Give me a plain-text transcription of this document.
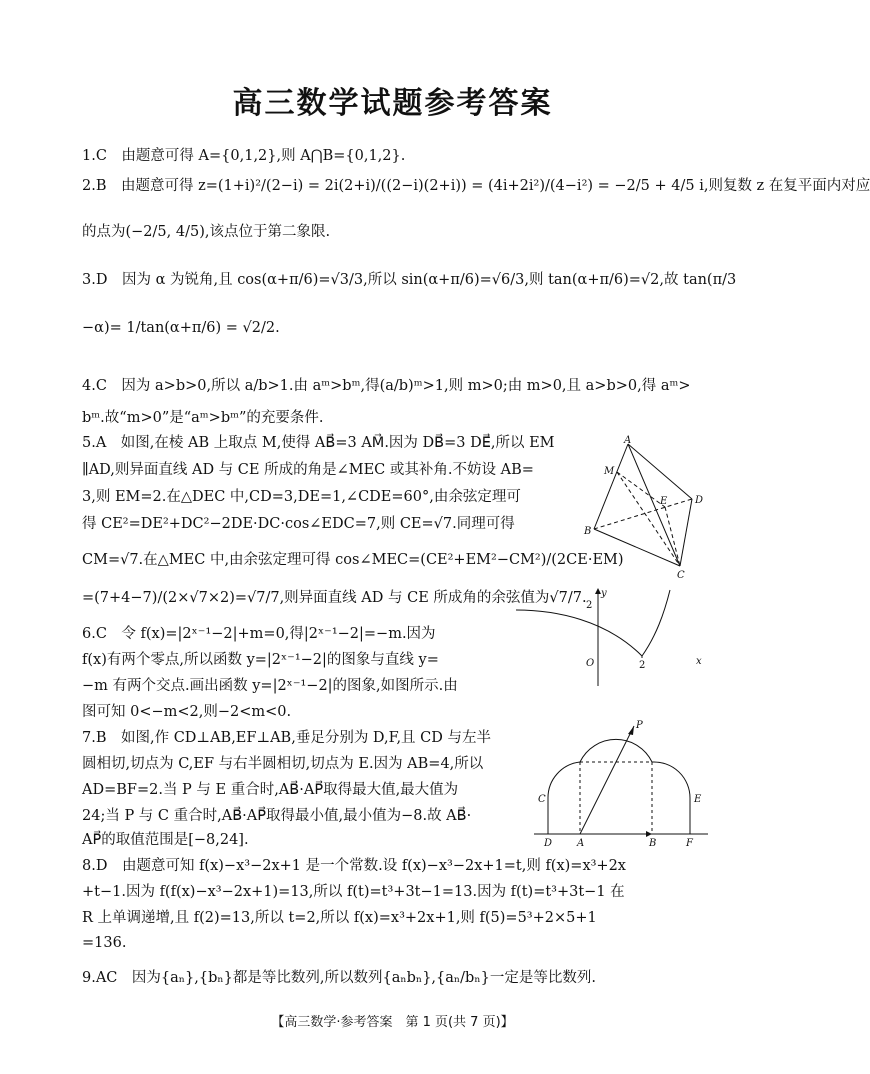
高三数学试题参考答案
1.C　由题意可得 A={0,1,2},则 A⋂B={0,1,2}.
2.B　由题意可得 z=(1+i)²/(2−i) = 2i(2+i)/((2−i)(2+i)) = (4i+2i²)/(4−i²) = −2/5 + 4/5 i,则复数 z 在复平面内对应
的点为(−2/5, 4/5),该点位于第二象限.
3.D　因为 α 为锐角,且 cos(α+π/6)=√3/3,所以 sin(α+π/6)=√6/3,则 tan(α+π/6)=√2,故 tan(π/3
−α)= 1/tan(α+π/6) = √2/2.
4.C　因为 a>b>0,所以 a/b>1.由 aᵐ>bᵐ,得(a/b)ᵐ>1,则 m>0;由 m>0,且 a>b>0,得 aᵐ>
bᵐ.故“m>0”是“aᵐ>bᵐ”的充要条件.
5.A　如图,在棱 AB 上取点 M,使得 AB⃗=3 AM⃗.因为 DB⃗=3 DE⃗,所以 EM
∥AD,则异面直线 AD 与 CE 所成的角是∠MEC 或其补角.不妨设 AB=
3,则 EM=2.在△DEC 中,CD=3,DE=1,∠CDE=60°,由余弦定理可
得 CE²=DE²+DC²−2DE·DC·cos∠EDC=7,则 CE=√7.同理可得
CM=√7.在△MEC 中,由余弦定理可得 cos∠MEC=(CE²+EM²−CM²)/(2CE·EM)
=(7+4−7)/(2×√7×2)=√7/7,则异面直线 AD 与 CE 所成角的余弦值为√7/7.
6.C　令 f(x)=|2ˣ⁻¹−2|+m=0,得|2ˣ⁻¹−2|=−m.因为
f(x)有两个零点,所以函数 y=|2ˣ⁻¹−2|的图象与直线 y=
−m 有两个交点.画出函数 y=|2ˣ⁻¹−2|的图象,如图所示.由
图可知 0<−m<2,则−2<m<0.
7.B　如图,作 CD⊥AB,EF⊥AB,垂足分别为 D,F,且 CD 与左半
圆相切,切点为 C,EF 与右半圆相切,切点为 E.因为 AB=4,所以
AD=BF=2.当 P 与 E 重合时,AB⃗·AP⃗取得最大值,最大值为
24;当 P 与 C 重合时,AB⃗·AP⃗取得最小值,最小值为−8.故 AB⃗·
AP⃗的取值范围是[−8,24].
8.D　由题意可知 f(x)−x³−2x+1 是一个常数.设 f(x)−x³−2x+1=t,则 f(x)=x³+2x
+t−1.因为 f(f(x)−x³−2x+1)=13,所以 f(t)=t³+3t−1=13.因为 f(t)=t³+3t−1 在
R 上单调递增,且 f(2)=13,所以 t=2,所以 f(x)=x³+2x+1,则 f(5)=5³+2×5+1
=136.
9.AC　因为{aₙ},{bₙ}都是等比数列,所以数列{aₙbₙ},{aₙ/bₙ}一定是等比数列.
【高三数学·参考答案　第 1 页(共 7 页)】
A
M
E	D
B
C
y
2
O	2	x
P
C	E
D A	B	F
